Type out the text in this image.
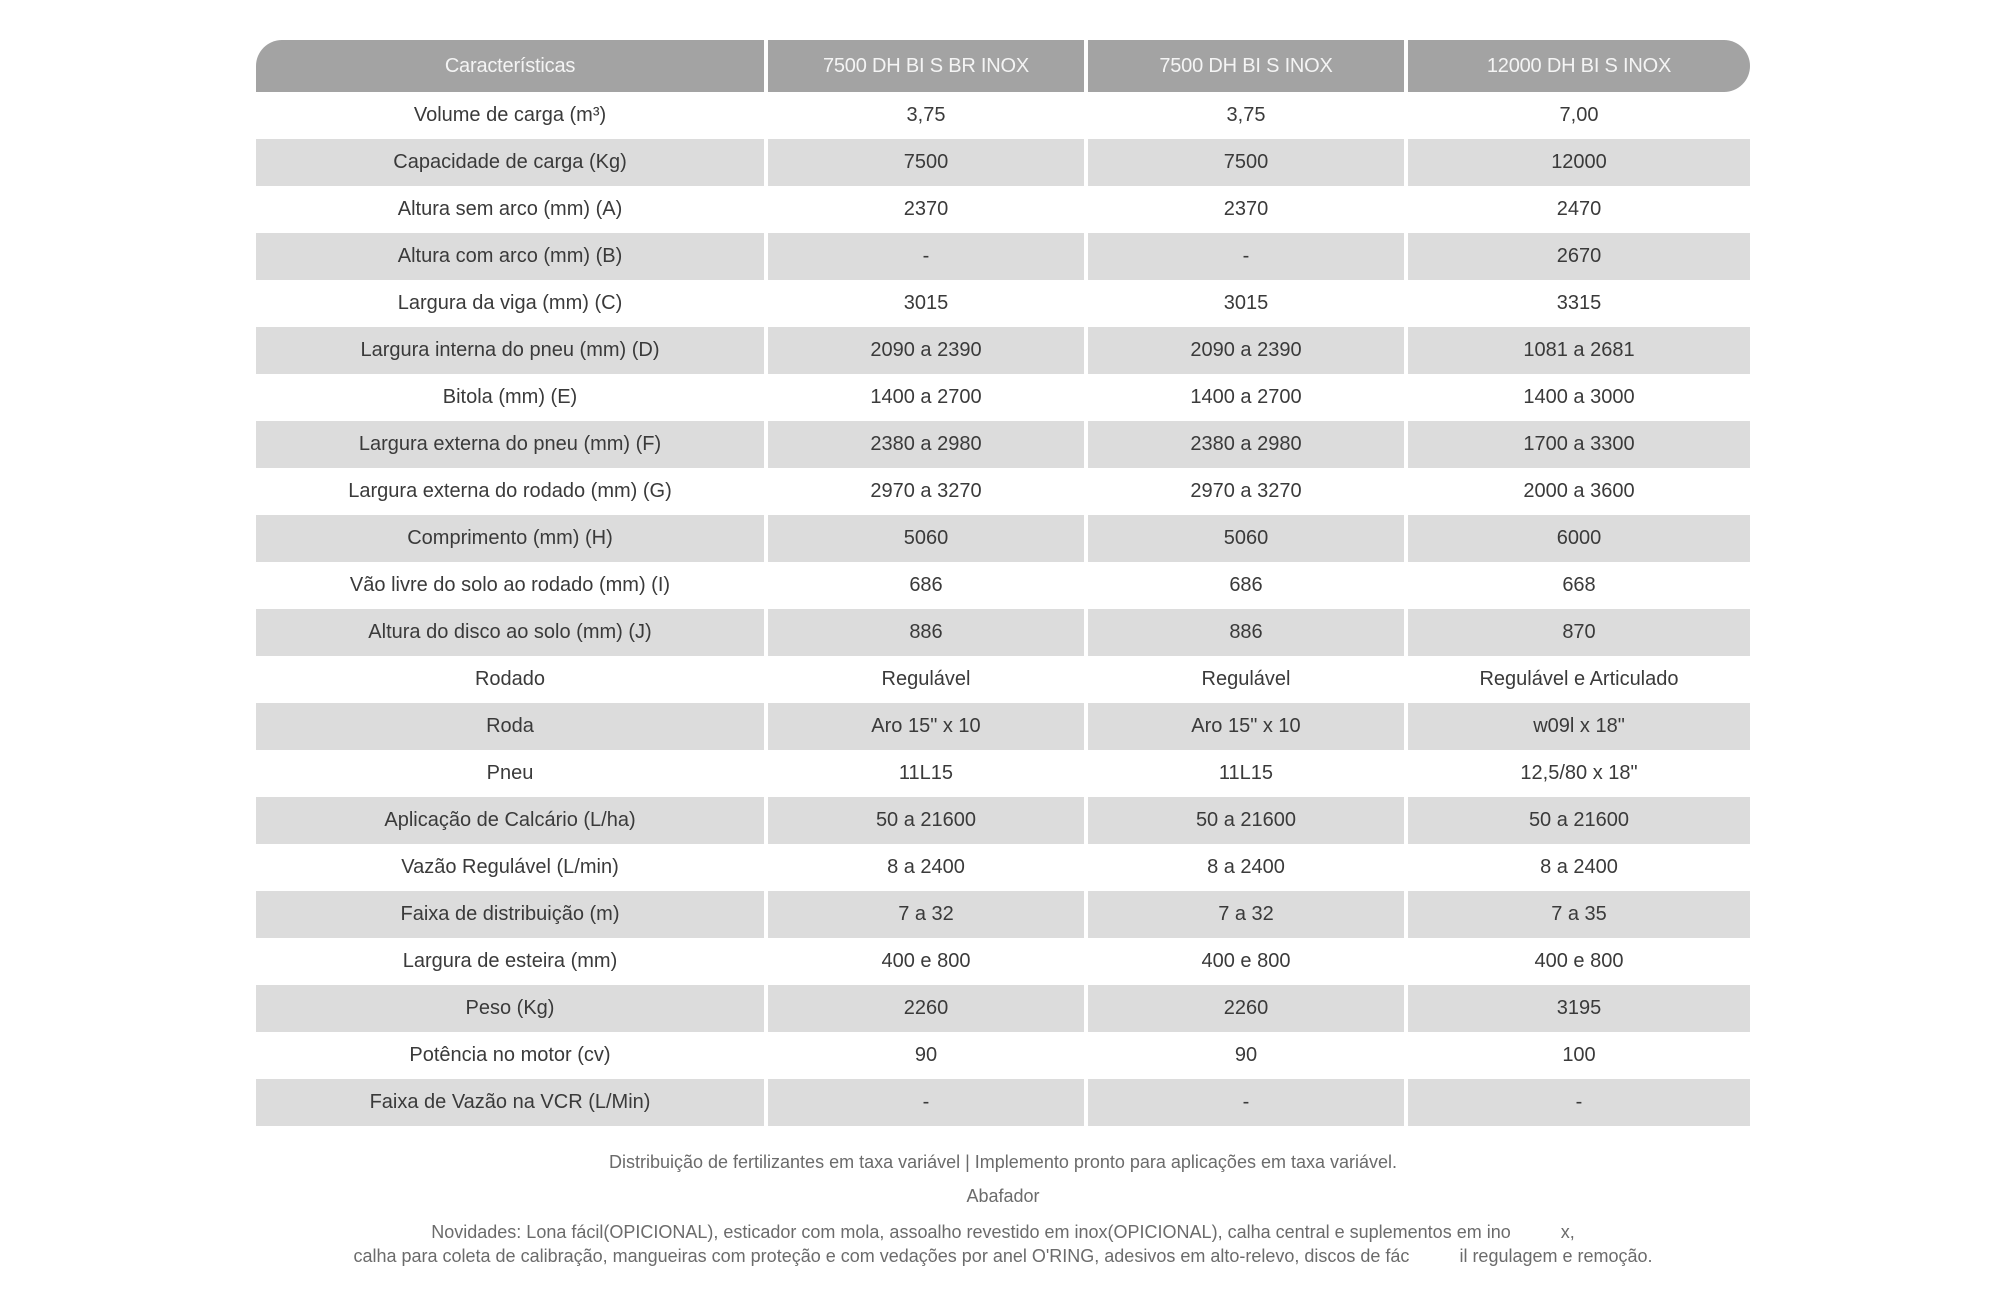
Características	7500 DH BI S BR INOX	7500 DH BI S INOX	12000 DH BI S INOX
Volume de carga (m³)	3,75	3,75	7,00
Capacidade de carga (Kg)	7500	7500	12000
Altura sem arco (mm) (A)	2370	2370	2470
Altura com arco (mm) (B)	-	-	2670
Largura da viga (mm) (C)	3015	3015	3315
Largura interna do pneu (mm) (D)	2090 a 2390	2090 a 2390	1081 a 2681
Bitola (mm) (E)	1400 a 2700	1400 a 2700	1400 a 3000
Largura externa do pneu (mm) (F)	2380 a 2980	2380 a 2980	1700 a 3300
Largura externa do rodado (mm) (G)	2970 a 3270	2970 a 3270	2000 a 3600
Comprimento (mm) (H)	5060	5060	6000
Vão livre do solo ao rodado (mm) (I)	686	686	668
Altura do disco ao solo (mm) (J)	886	886	870
Rodado	Regulável	Regulável	Regulável e Articulado
Roda	Aro 15" x 10	Aro 15" x 10	w09l x 18"
Pneu	11L15	11L15	12,5/80 x 18"
Aplicação de Calcário (L/ha)	50 a 21600	50 a 21600	50 a 21600
Vazão Regulável (L/min)	8 a 2400	8 a 2400	8 a 2400
Faixa de distribuição (m)	7 a 32	7 a 32	7 a 35
Largura de esteira (mm)	400 e 800	400 e 800	400 e 800
Peso (Kg)	2260	2260	3195
Potência no motor (cv)	90	90	100
Faixa de Vazão na VCR (L/Min)	-	-	-
Distribuição de fertilizantes em taxa variável | Implemento pronto para aplicações em taxa variável.
Abafador
Novidades: Lona fácil(OPICIONAL), esticador com mola, assoalho revestido em inox(OPICIONAL), calha central e suplementos em ino          x,
calha para coleta de calibração, mangueiras com proteção e com vedações por anel O'RING, adesivos em alto-relevo, discos de fác          il regulagem e remoção.
